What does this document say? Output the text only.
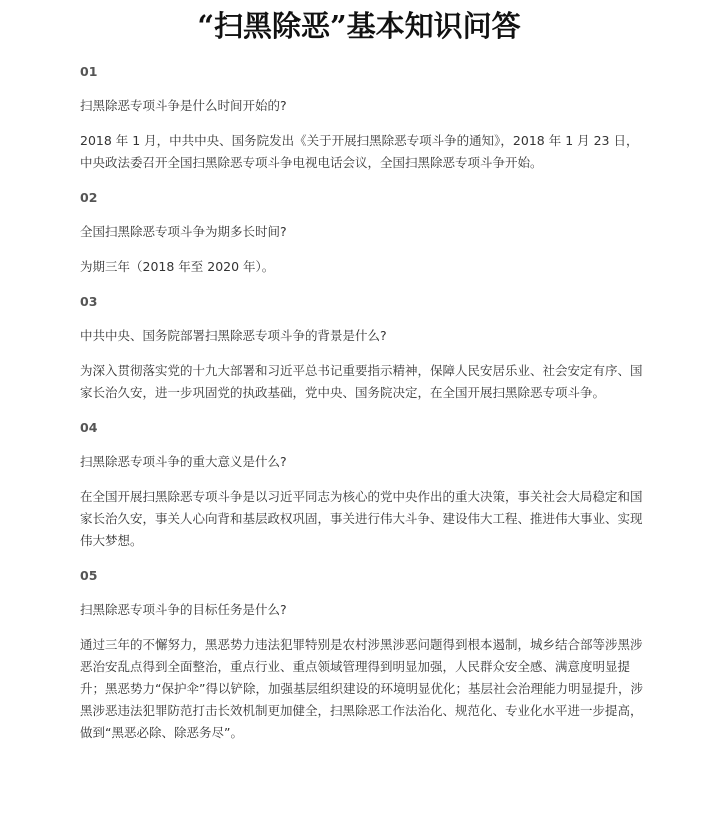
“扫黑除恶”基本知识问答
01
扫黑除恶专项斗争是什么时间开始的?
2018 年 1 月，中共中央、国务院发出《关于开展扫黑除恶专项斗争的通知》，2018 年 1 月 23 日，中央政法委召开全国扫黑除恶专项斗争电视电话会议，全国扫黑除恶专项斗争开始。
02
全国扫黑除恶专项斗争为期多长时间?
为期三年（2018 年至 2020 年）。
03
中共中央、国务院部署扫黑除恶专项斗争的背景是什么?
为深入贯彻落实党的十九大部署和习近平总书记重要指示精神，保障人民安居乐业、社会安定有序、国家长治久安，进一步巩固党的执政基础，党中央、国务院决定，在全国开展扫黑除恶专项斗争。
04
扫黑除恶专项斗争的重大意义是什么?
在全国开展扫黑除恶专项斗争是以习近平同志为核心的党中央作出的重大决策，事关社会大局稳定和国家长治久安，事关人心向背和基层政权巩固，事关进行伟大斗争、建设伟大工程、推进伟大事业、实现伟大梦想。
05
扫黑除恶专项斗争的目标任务是什么?
通过三年的不懈努力，黑恶势力违法犯罪特别是农村涉黑涉恶问题得到根本遏制，城乡结合部等涉黑涉恶治安乱点得到全面整治，重点行业、重点领域管理得到明显加强，人民群众安全感、满意度明显提升；黑恶势力“保护伞”得以铲除，加强基层组织建设的环境明显优化；基层社会治理能力明显提升，涉黑涉恶违法犯罪防范打击长效机制更加健全，扫黑除恶工作法治化、规范化、专业化水平进一步提高，做到“黑恶必除、除恶务尽”。
